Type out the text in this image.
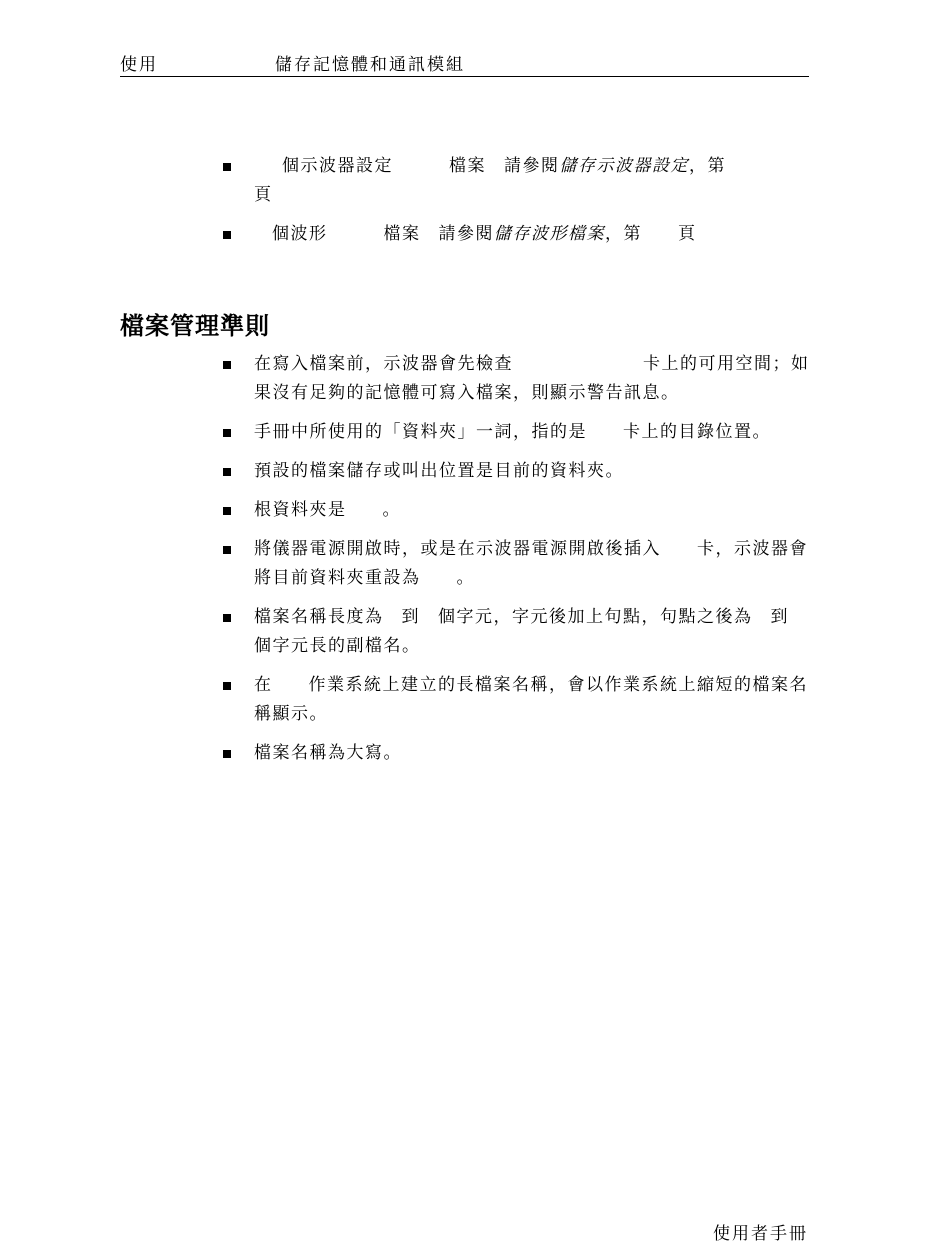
使用	儲存記憶體和通訊模組
個示波器設定	檔案 請參閱儲存示波器設定，第
頁
個波形	檔案 請參閱儲存波形檔案，第 頁
檔案管理準則
在寫入檔案前，示波器會先檢查	卡上的可用空間；如果沒有足夠的記憶體可寫入檔案，則顯示警告訊息。
手冊中所使用的「資料夾」一詞，指的是 卡上的目錄位置。
預設的檔案儲存或叫出位置是目前的資料夾。
根資料夾是 。
將儀器電源開啟時，或是在示波器電源開啟後插入 卡，示波器會將目前資料夾重設為 。
檔案名稱長度為 到 個字元，字元後加上句點，句點之後為 到個字元長的副檔名。
在 作業系統上建立的長檔案名稱，會以作業系統上縮短的檔案名稱顯示。
檔案名稱為大寫。
使用者手冊
